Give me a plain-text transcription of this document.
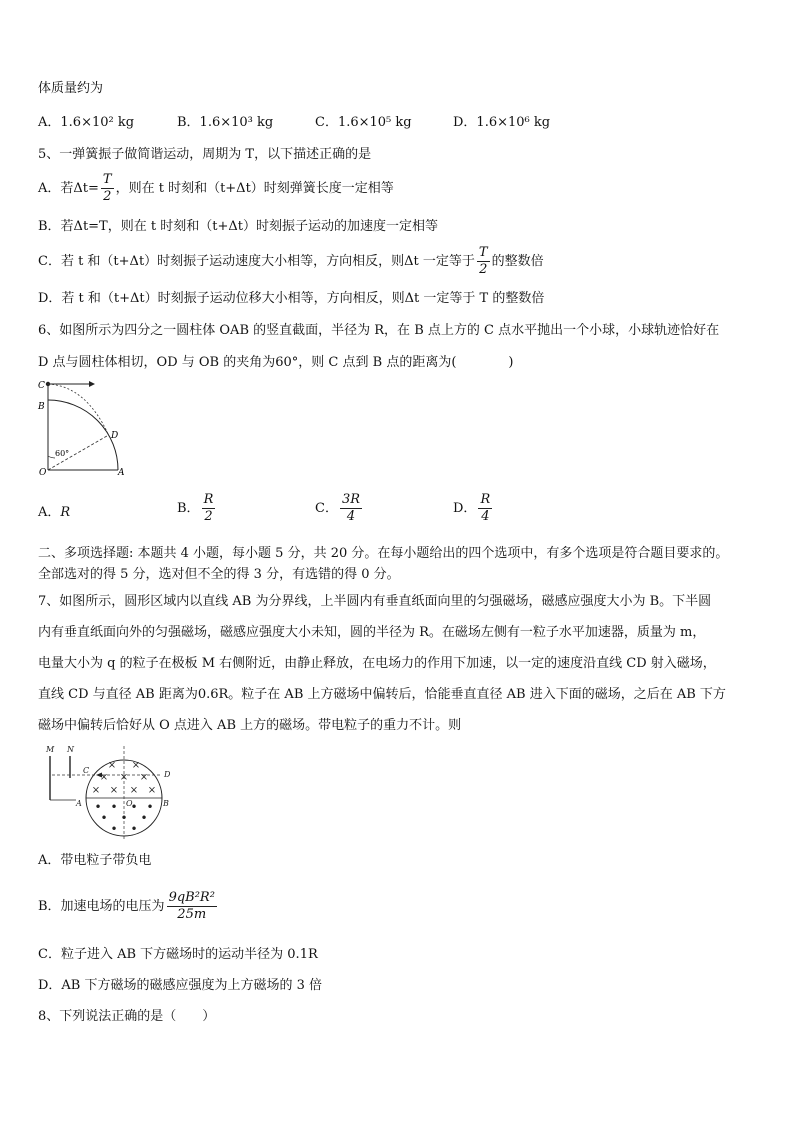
体质量约为
A．1.6×10² kg	B．1.6×10³ kg	C．1.6×10⁵ kg	D．1.6×10⁶ kg
5、一弹簧振子做简谐运动，周期为 T，以下描述正确的是
A．若$\Delta t= \frac{T}{2}$ ，则在 t 时刻和（t+Δt）时刻弹簧长度一定相等
B．若Δt=T，则在 t 时刻和（t+Δt）时刻振子运动的加速度一定相等
C．若 t 和（t+Δt）时刻振子运动速度大小相等，方向相反，则Δt 一定等于 $\frac{T}{2}$ 的整数倍
D．若 t 和（t+Δt）时刻振子运动位移大小相等，方向相反，则Δt 一定等于 T 的整数倍
6、如图所示为四分之一圆柱体 OAB 的竖直截面，半径为 R，在 B 点上方的 C 点水平抛出一个小球，小球轨迹恰好在
D 点与圆柱体相切，OD 与 OB 的夹角为60°，则 C 点到 B 点的距离为(　　　　)
C
B
D
O	A
60°
A．R	B． $\frac{R}{2}$	C． $\frac{3R}{4}$	D． $\frac{R}{4}$
二、多项选择题: 本题共 4 小题，每小题 5 分，共 20 分。在每小题给出的四个选项中，有多个选项是符合题目要求的。
全部选对的得 5 分，选对但不全的得 3 分，有选错的得 0 分。
7、如图所示，圆形区域内以直线 AB 为分界线，上半圆内有垂直纸面向里的匀强磁场，磁感应强度大小为 B。下半圆
内有垂直纸面向外的匀强磁场，磁感应强度大小未知，圆的半径为 R。在磁场左侧有一粒子水平加速器，质量为 m，
电量大小为 q 的粒子在极板 M 右侧附近，由静止释放，在电场力的作用下加速，以一定的速度沿直线 CD 射入磁场，
直线 CD 与直径 AB 距离为0.6R。粒子在 AB 上方磁场中偏转后，恰能垂直直径 AB 进入下面的磁场，之后在 AB 下方
磁场中偏转后恰好从 O 点进入 AB 上方的磁场。带电粒子的重力不计。则
× ×
× × ×
× × × ×
• • • •
• • •
• •
M N
C	D
A	B
O
A．带电粒子带负电
B．加速电场的电压为 $\frac{\text{9qB²R²}}{25m}$
C．粒子进入 AB 下方磁场时的运动半径为 0.1R
D．AB 下方磁场的磁感应强度为上方磁场的 3 倍
8、下列说法正确的是（　　）
